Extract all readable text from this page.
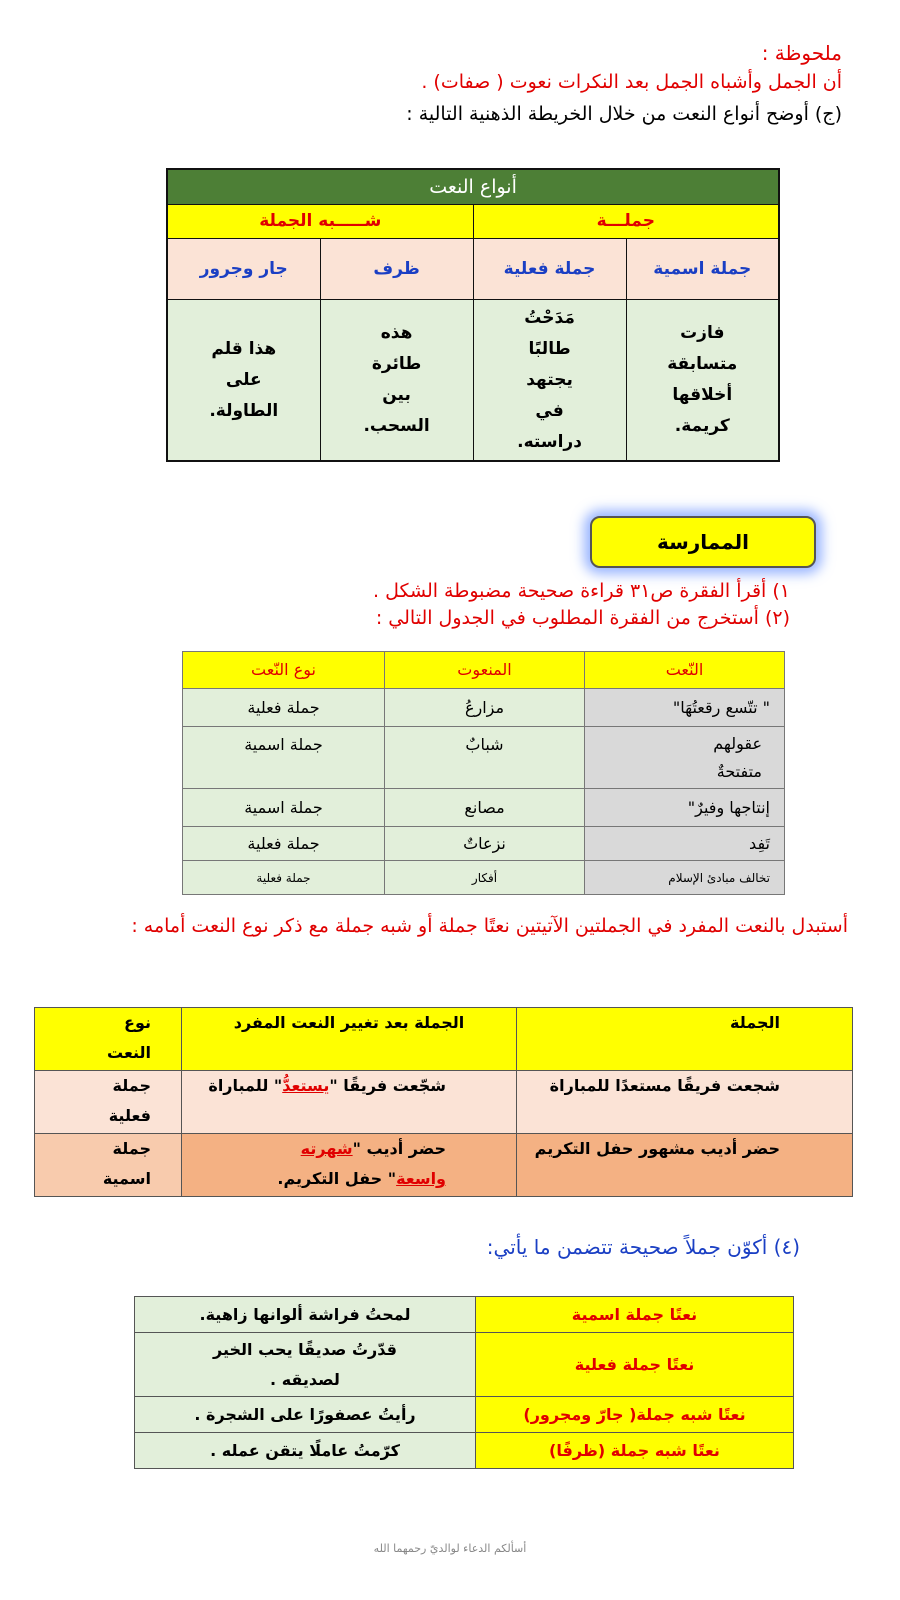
ملحوظة :
أن الجمل وأشباه الجمل بعد النكرات نعوت ( صفات) .
(ج) أوضح أنواع النعت من خلال الخريطة الذهنية التالية :
أنواع النعت			
جملـــة		شـــــبه الجملة	
جملة اسمية	جملة فعلية	ظرف	جار وجرور
فازت متسابقة أخلاقها كريمة.	مَدَحْتُ طالبًا يجتهد في دراسته.	هذه طائرة بين السحب.	هذا قلم على الطاولة.
الممارسة
١) أقرأ الفقرة ص٣١ قراءة صحيحة مضبوطة الشكل .
(٢) أستخرج من الفقرة المطلوب في الجدول التالي :
النّعت	المنعوت	نوع النّعت
" تتّسع رقعتُهَا"	مزارعُ	جملة فعلية
عقولهم متفتحةٌ	شبابٌ	جملة اسمية
إنتاجها وفيرٌ"	مصانع	جملة اسمية
تَفِد	نزعاتٌ	جملة فعلية
تخالف مبادئ الإسلام	أفكار	جملة فعلية
أستبدل بالنعت المفرد في الجملتين الآتيتين نعتًا جملة أو شبه جملة مع ذكر نوع النعت أمامه :
الجملة	الجملة بعد تغيير النعت المفرد	نوع النعت
شجعت فريقًا مستعدًا للمباراة	شجّعت فريقًا "يستعدُّ" للمباراة	جملة فعلية
حضر أديب مشهور حفل التكريم	حضر أديب "شهرته واسعة" حفل التكريم.	جملة اسمية
(٤) أكوّن جملاً صحيحة تتضمن ما يأتي:
نعتًا جملة اسمية	لمحتُ فراشة ألوانها زاهية.
نعتًا جملة فعلية	قدّرتُ صديقًا يحب الخير لصديقه .
نعتًا شبه جملة( جارّ ومجرور)	رأيتُ عصفورًا على الشجرة .
نعتًا شبه جملة (ظرفًا)	كرّمتُ عاملًا يتقن عمله .
أسألكم الدعاء لوالديّ رحمهما الله
